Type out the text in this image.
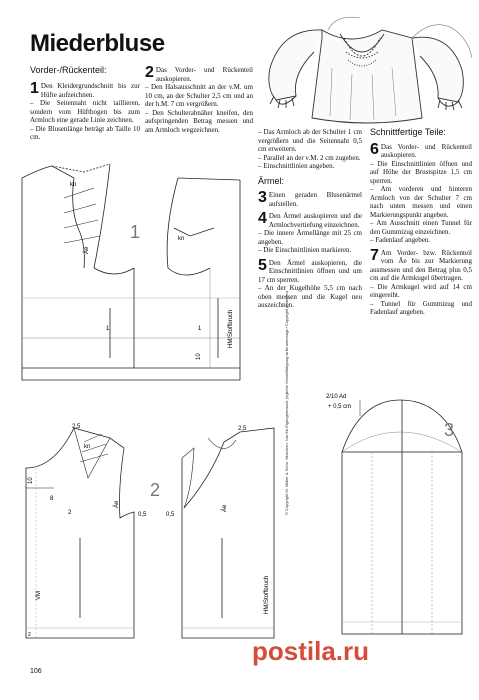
Miederbluse
Vorder-/Rückenteil:
1 Den Kleidergrundschnitt bis zur Hüfte aufzeichnen.
– Die Seitennaht nicht taillieren, sondern vom Hüftbogen bis zum Armloch eine gerade Linie zeichnen.
– Die Blusenlänge beträgt ab Taille 10 cm.
2 Das Vorder- und Rückenteil auskopieren.
– Den Halsausschnitt an der v.M. um 10 cm, an der Schulter 2,5 cm und an der h.M. 7 cm vergrößern.
– Den Schulterabnäher kneifen, den aufspringenden Betrag messen und am Armloch wegzeichnen.	– Das Armloch ab der Schulter 1 cm vergrößern und die Seitennaht 0,5 cm erweitern.
– Parallel an der v.M. 2 cm zugeben.
– Einschnittlinien angeben.
Ärmel:
3 Einen geraden Blusenärmel aufstellen.
4 Den Ärmel auskopieren und die Armlochvertiefung einzeichnen.
– Die innere Ärmellänge mit 25 cm angeben.
– Die Einschnittlinien markieren.
5 Den Ärmel auskopieren, die Einschnittlinien öffnen und um 17 cm sperren.
– An der Kugelhöhe 5,5 cm nach oben messen und die Kugel neu auszeichnen.
Schnittfertige Teile:
6 Das Vorder- und Rückenteil auskopieren.
– Die Einschnittlinien öffnen und auf Höhe der Brustspitze 1,5 cm sperren.
– Am vorderen und hinteren Armloch von der Schulter 7 cm nach unten messen und einen Markierungspunkt angeben.
– Am Ausschnitt einen Tunnel für den Gummizug einzeichnen.
– Fadenlauf angeben.
7 Am Vorder- bzw. Rückenteil vom Äe bis zur Markierung ausmessen und den Betrag plus 0,5 cm auf die Armkugel übertragen.
– Die Armkugel wird auf 14 cm eingereiht.
– Tunnel für Gummizug und Fadenlauf angeben.
kn
kn
Äe
1
HM/Stoffbruch
1	1
10
2,5
kn
Äe
10
8
2	0,5
VM
2
2,5
Äe
0,5
HM/Stoffbruch
2
2/10 Ad
+ 0,5 cm
3
© Copyright M. Müller & Sohn, München. Nur für Eigengebrauch, jegliche Vervielfältigung strikt untersagt / Copyright protected.
106
postila.ru
